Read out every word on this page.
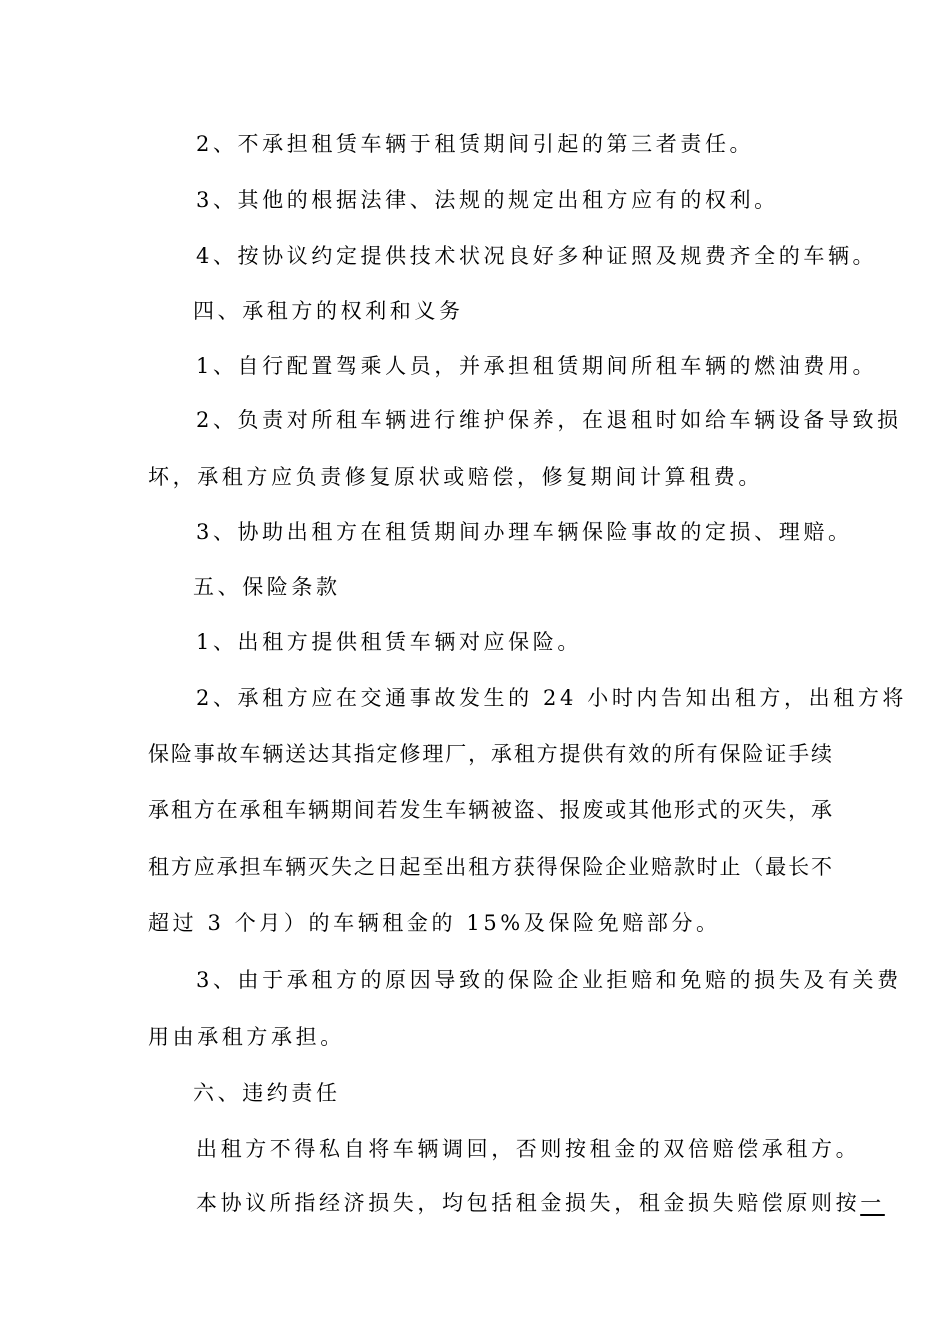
2、不承担租赁车辆于租赁期间引起的第三者责任。
3、其他的根据法律、法规的规定出租方应有的权利。
4、按协议约定提供技术状况良好多种证照及规费齐全的车辆。
四、承租方的权利和义务
1、自行配置驾乘人员，并承担租赁期间所租车辆的燃油费用。
2、负责对所租车辆进行维护保养，在退租时如给车辆设备导致损
坏，承租方应负责修复原状或赔偿，修复期间计算租费。
3、协助出租方在租赁期间办理车辆保险事故的定损、理赔。
五、保险条款
1、出租方提供租赁车辆对应保险。
2、承租方应在交通事故发生的 24 小时内告知出租方，出租方将
保险事故车辆送达其指定修理厂，承租方提供有效的所有保险证手续
承租方在承租车辆期间若发生车辆被盗、报废或其他形式的灭失，承
租方应承担车辆灭失之日起至出租方获得保险企业赔款时止（最长不
超过 3 个月）的车辆租金的 15%及保险免赔部分。
3、由于承租方的原因导致的保险企业拒赔和免赔的损失及有关费
用由承租方承担。
六、违约责任
出租方不得私自将车辆调回，否则按租金的双倍赔偿承租方。
本协议所指经济损失，均包括租金损失，租金损失赔偿原则按一
